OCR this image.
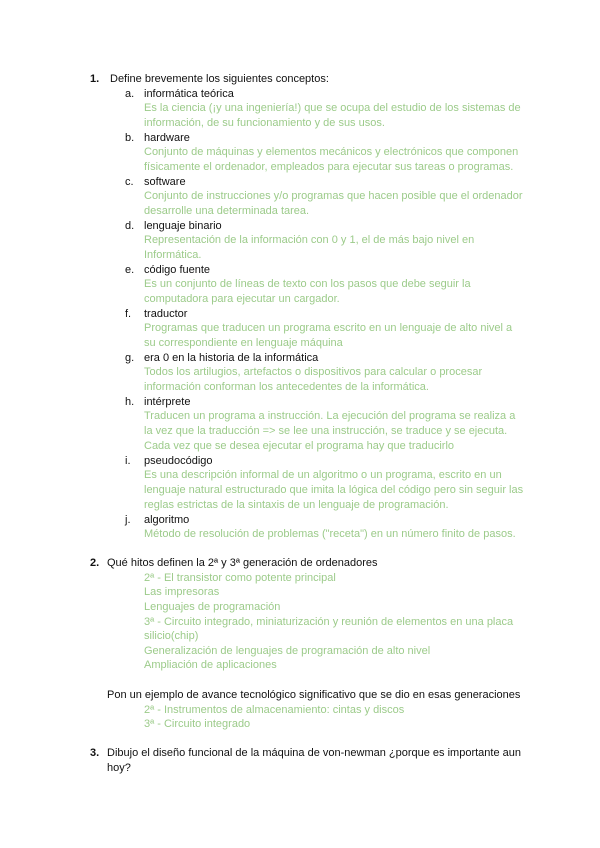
1. Define brevemente los siguientes conceptos:
a. informática teórica
Es la ciencia (¡y una ingeniería!) que se ocupa del estudio de los sistemas de
información, de su funcionamiento y de sus usos.
b. hardware
Conjunto de máquinas y elementos mecánicos y electrónicos que componen
físicamente el ordenador, empleados para ejecutar sus tareas o programas.
c. software
Conjunto de instrucciones y/o programas que hacen posible que el ordenador
desarrolle una determinada tarea.
d. lenguaje binario
Representación de la información con 0 y 1, el de más bajo nivel en
Informática.
e. código fuente
Es un conjunto de líneas de texto con los pasos que debe seguir la
computadora para ejecutar un cargador.
f. traductor
Programas que traducen un programa escrito en un lenguaje de alto nivel a
su correspondiente en lenguaje máquina
g. era 0 en la historia de la informática
Todos los artilugios, artefactos o dispositivos para calcular o procesar
información conforman los antecedentes de la informática.
h. intérprete
Traducen un programa a instrucción. La ejecución del programa se realiza a
la vez que la traducción => se lee una instrucción, se traduce y se ejecuta.
Cada vez que se desea ejecutar el programa hay que traducirlo
i. pseudocódigo
Es una descripción informal de un algoritmo o un programa, escrito en un
lenguaje natural estructurado que imita la lógica del código pero sin seguir las
reglas estrictas de la sintaxis de un lenguaje de programación.
j. algoritmo
Método de resolución de problemas ("receta") en un número finito de pasos.
2. Qué hitos definen la 2ª y 3ª generación de ordenadores
2ª - El transistor como potente principal
Las impresoras
Lenguajes de programación
3ª - Circuito integrado, miniaturización y reunión de elementos en una placa
silicio(chip)
Generalización de lenguajes de programación de alto nivel
Ampliación de aplicaciones
Pon un ejemplo de avance tecnológico significativo que se dio en esas generaciones
2ª - Instrumentos de almacenamiento: cintas y discos
3ª - Circuito integrado
3. Dibujo el diseño funcional de la máquina de von-newman ¿porque es importante aun
hoy?
